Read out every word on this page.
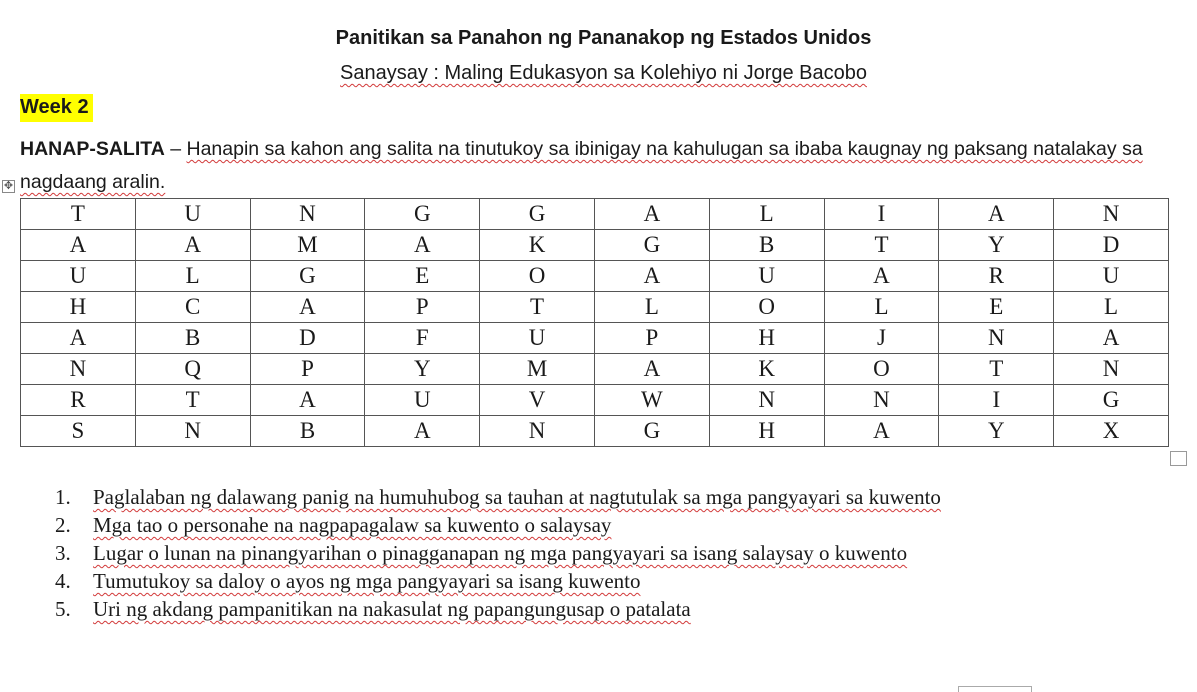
Panitikan sa Panahon ng Pananakop ng Estados Unidos
Sanaysay : Maling Edukasyon sa Kolehiyo ni Jorge Bacobo
Week 2
HANAP-SALITA – Hanapin sa kahon ang salita na tinutukoy sa ibinigay na kahulugan sa ibaba kaugnay ng paksang natalakay sa nagdaang aralin.
✥
T	U	N	G	G	A	L	I	A	N
A	A	M	A	K	G	B	T	Y	D
U	L	G	E	O	A	U	A	R	U
H	C	A	P	T	L	O	L	E	L
A	B	D	F	U	P	H	J	N	A
N	Q	P	Y	M	A	K	O	T	N
R	T	A	U	V	W	N	N	I	G
S	N	B	A	N	G	H	A	Y	X
1.	Paglalaban ng dalawang panig na humuhubog sa tauhan at nagtutulak sa mga pangyayari sa kuwento
2.	Mga tao o personahe na nagpapagalaw sa kuwento o salaysay
3.	Lugar o lunan na pinangyarihan o pinagganapan ng mga pangyayari sa isang salaysay o kuwento
4.	Tumutukoy sa daloy o ayos ng mga pangyayari sa isang kuwento
5.	Uri ng akdang pampanitikan na nakasulat ng papangungusap o patalata
